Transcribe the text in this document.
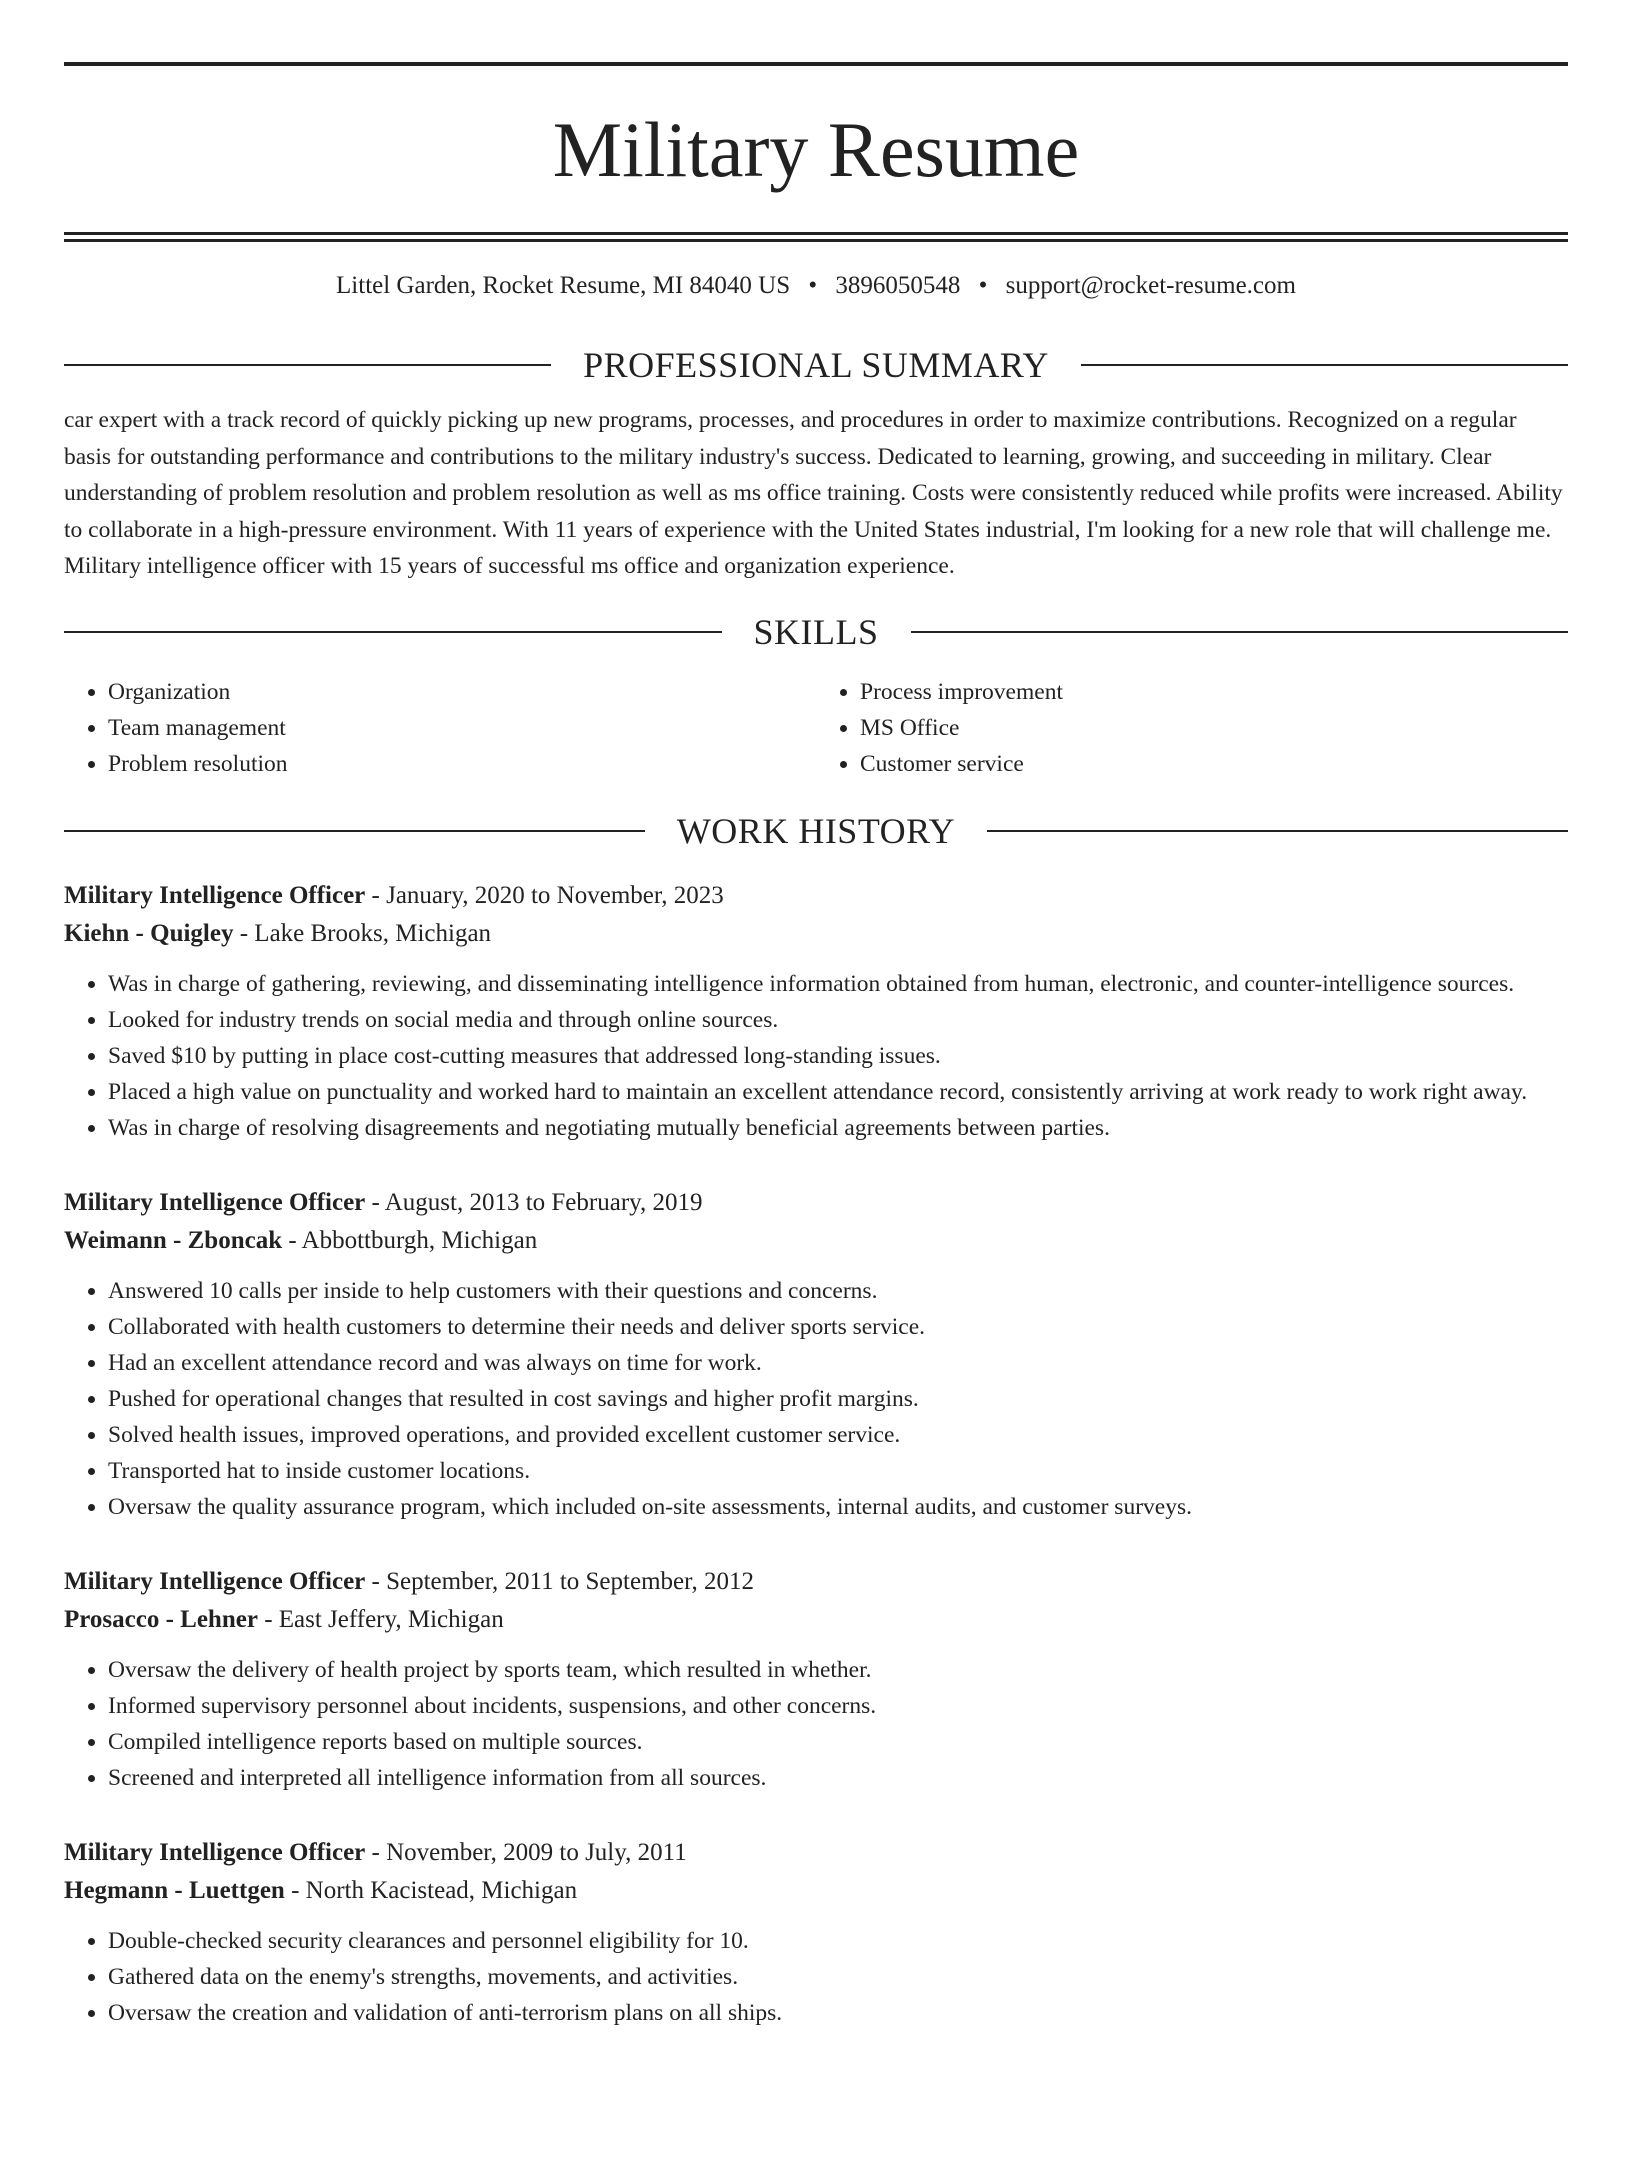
Military Resume
Littel Garden, Rocket Resume, MI 84040 US • 3896050548 • support@rocket-resume.com
PROFESSIONAL SUMMARY
car expert with a track record of quickly picking up new programs, processes, and procedures in order to maximize contributions. Recognized on a regular basis for outstanding performance and contributions to the military industry's success. Dedicated to learning, growing, and succeeding in military. Clear understanding of problem resolution and problem resolution as well as ms office training. Costs were consistently reduced while profits were increased. Ability to collaborate in a high-pressure environment. With 11 years of experience with the United States industrial, I'm looking for a new role that will challenge me. Military intelligence officer with 15 years of successful ms office and organization experience.
SKILLS
• Organization
• Team management
• Problem resolution
• Process improvement
• MS Office
• Customer service
WORK HISTORY
Military Intelligence Officer - January, 2020 to November, 2023
Kiehn - Quigley - Lake Brooks, Michigan
• Was in charge of gathering, reviewing, and disseminating intelligence information obtained from human, electronic, and counter-intelligence sources.
• Looked for industry trends on social media and through online sources.
• Saved $10 by putting in place cost-cutting measures that addressed long-standing issues.
• Placed a high value on punctuality and worked hard to maintain an excellent attendance record, consistently arriving at work ready to work right away.
• Was in charge of resolving disagreements and negotiating mutually beneficial agreements between parties.
Military Intelligence Officer - August, 2013 to February, 2019
Weimann - Zboncak - Abbottburgh, Michigan
• Answered 10 calls per inside to help customers with their questions and concerns.
• Collaborated with health customers to determine their needs and deliver sports service.
• Had an excellent attendance record and was always on time for work.
• Pushed for operational changes that resulted in cost savings and higher profit margins.
• Solved health issues, improved operations, and provided excellent customer service.
• Transported hat to inside customer locations.
• Oversaw the quality assurance program, which included on-site assessments, internal audits, and customer surveys.
Military Intelligence Officer - September, 2011 to September, 2012
Prosacco - Lehner - East Jeffery, Michigan
• Oversaw the delivery of health project by sports team, which resulted in whether.
• Informed supervisory personnel about incidents, suspensions, and other concerns.
• Compiled intelligence reports based on multiple sources.
• Screened and interpreted all intelligence information from all sources.
Military Intelligence Officer - November, 2009 to July, 2011
Hegmann - Luettgen - North Kacistead, Michigan
• Double-checked security clearances and personnel eligibility for 10.
• Gathered data on the enemy's strengths, movements, and activities.
• Oversaw the creation and validation of anti-terrorism plans on all ships.
